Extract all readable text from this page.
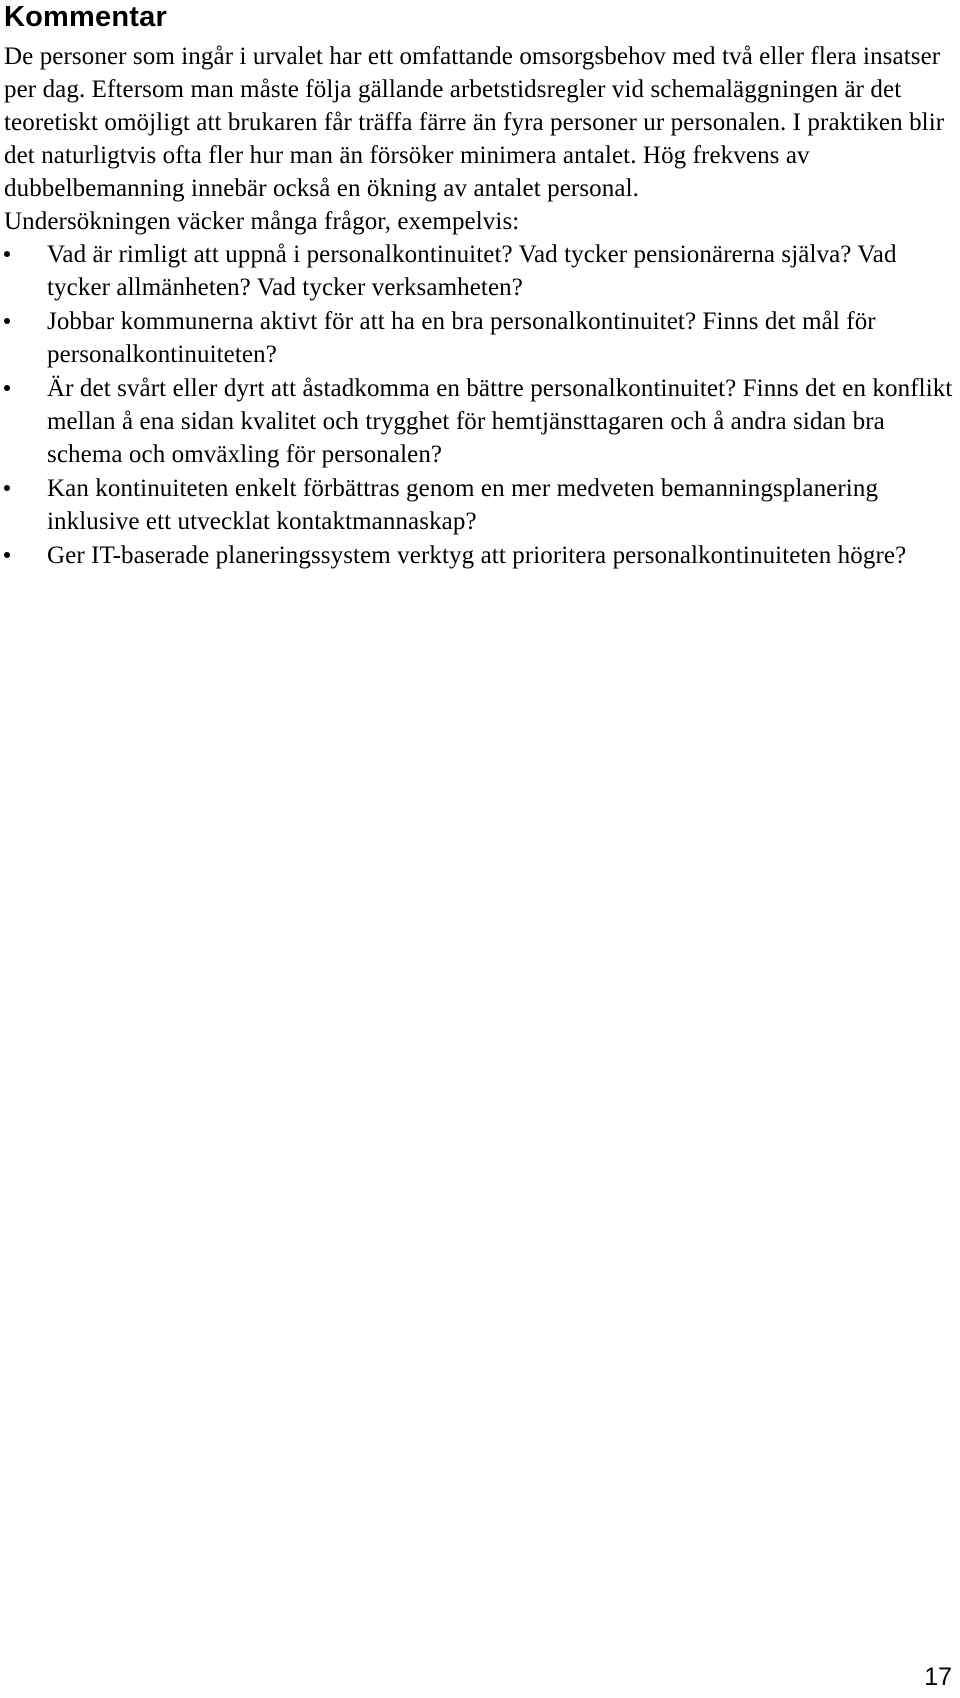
Kommentar

De personer som ingår i urvalet har ett omfattande omsorgsbehov med två eller flera insatser per dag. Eftersom man måste följa gällande arbetstidsregler vid schemaläggningen är det teoretiskt omöjligt att brukaren får träffa färre än fyra personer ur personalen. I praktiken blir det naturligtvis ofta fler hur man än försöker minimera antalet. Hög frekvens av dubbelbemanning innebär också en ökning av antalet personal.

Undersökningen väcker många frågor, exempelvis:

Vad är rimligt att uppnå i personalkontinuitet? Vad tycker pensionärerna själva? Vad tycker allmänheten? Vad tycker verksamheten?
Jobbar kommunerna aktivt för att ha en bra personalkontinuitet? Finns det mål för personalkontinuiteten?
Är det svårt eller dyrt att åstadkomma en bättre personalkontinuitet? Finns det en konflikt mellan å ena sidan kvalitet och trygghet för hemtjänsttagaren och å andra sidan bra schema och omväxling för personalen?
Kan kontinuiteten enkelt förbättras genom en mer medveten bemanningsplanering inklusive ett utvecklat kontaktmannaskap?
Ger IT-baserade planeringssystem verktyg att prioritera personalkontinuiteten högre?
17
